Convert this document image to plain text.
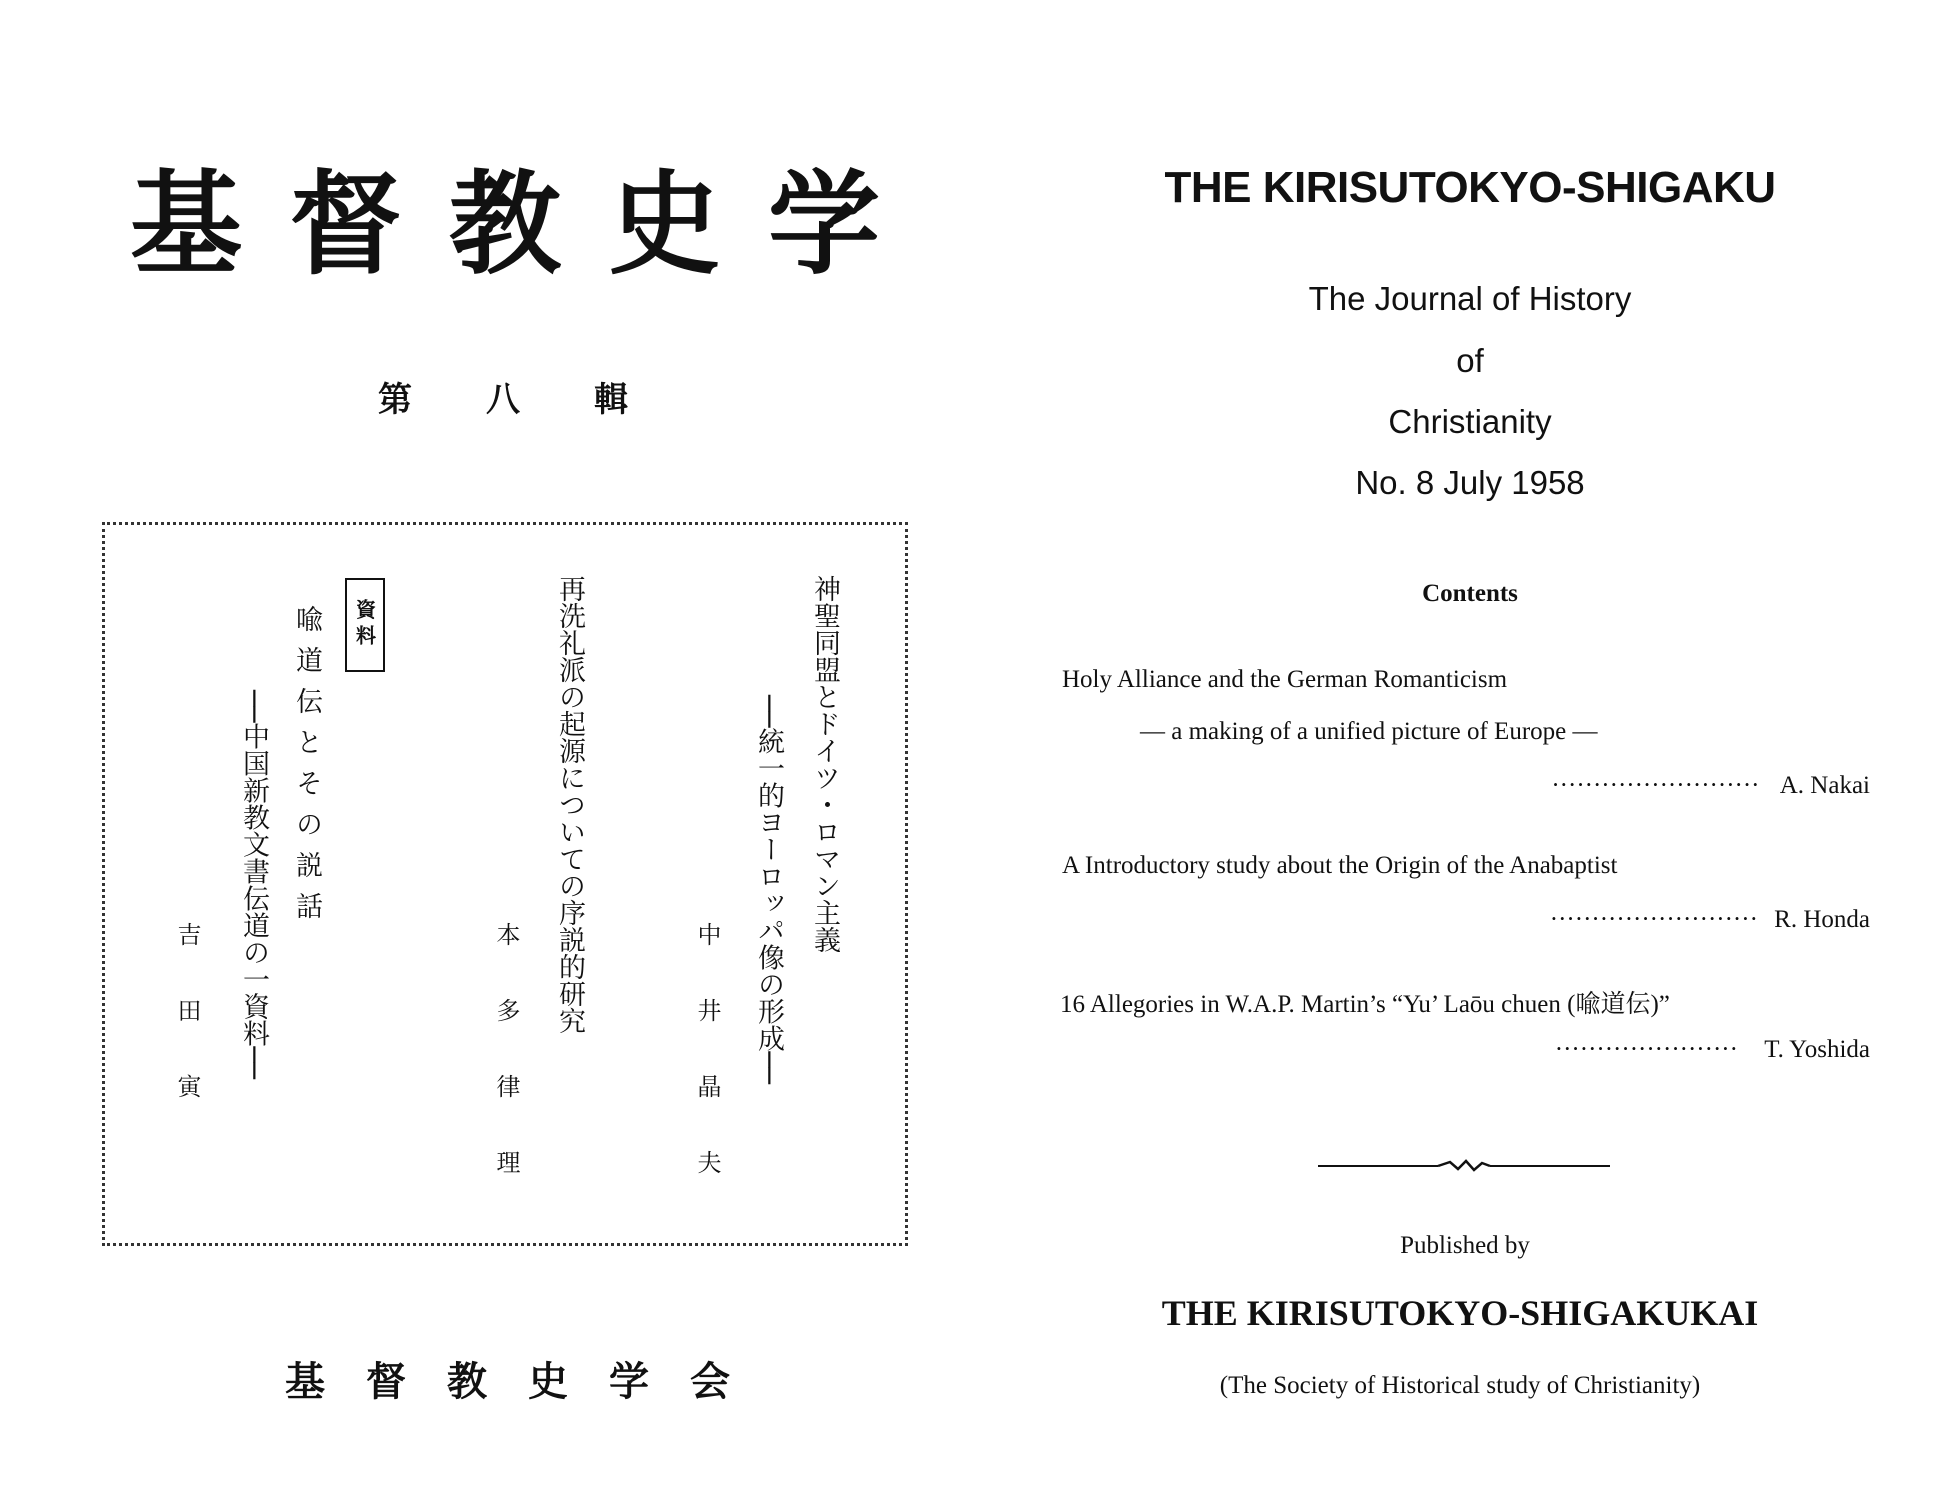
基 督 教 史 学
第 八 輯
神聖同盟とドイツ・ロマン主義
──統一的ヨーロッパ像の形成──
中井晶夫
再洗礼派の起源についての序説的研究
本多律理
資料
喩道伝とその説話
──中国新教文書伝道の一資料──
吉田寅
基 督 教 史 学 会
THE KIRISUTOKYO-SHIGAKU
The Journal of History
of
Christianity
No. 8 July 1958
Contents
Holy Alliance and the German Romanticism
— a making of a unified picture of Europe —
························· A. Nakai
A Introductory study about the Origin of the Anabaptist
························· R. Honda
16 Allegories in W.A.P. Martin’s “Yu’ Laōu chuen (喩道伝)”
······················ T. Yoshida
Published by
THE KIRISUTOKYO-SHIGAKUKAI
(The Society of Historical study of Christianity)
